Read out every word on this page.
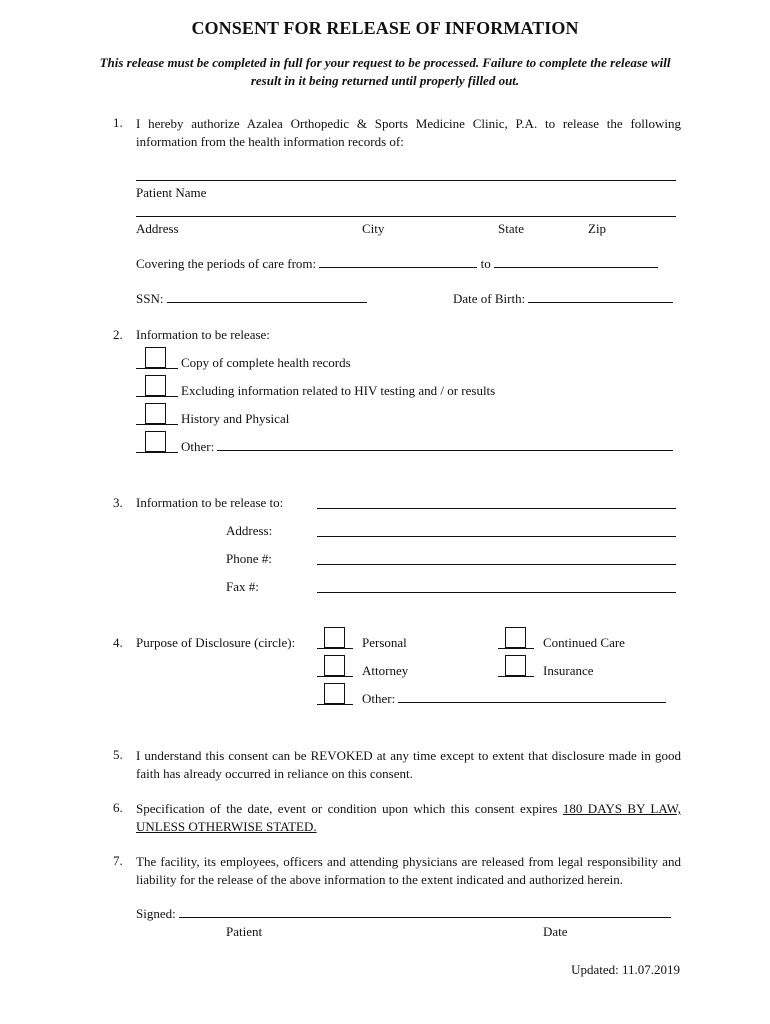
CONSENT FOR RELEASE OF INFORMATION
This release must be completed in full for your request to be processed. Failure to complete the release will result in it being returned until properly filled out.
1. I hereby authorize Azalea Orthopedic & Sports Medicine Clinic, P.A. to release the following information from the health information records of:
Patient Name
Address	City	State	Zip
Covering the periods of care from:	to
SSN:	Date of Birth:
2. Information to be release:
Copy of complete health records
Excluding information related to HIV testing and / or results
History and Physical
Other:
3. Information to be release to:
Address:
Phone #:
Fax #:
4. Purpose of Disclosure (circle):	Personal	Continued Care
Attorney	Insurance
Other:
5. I understand this consent can be REVOKED at any time except to extent that disclosure made in good faith has already occurred in reliance on this consent.
6. Specification of the date, event or condition upon which this consent expires 180 DAYS BY LAW, UNLESS OTHERWISE STATED.
7. The facility, its employees, officers and attending physicians are released from legal responsibility and liability for the release of the above information to the extent indicated and authorized herein.
Signed:
Patient	Date
Updated: 11.07.2019
